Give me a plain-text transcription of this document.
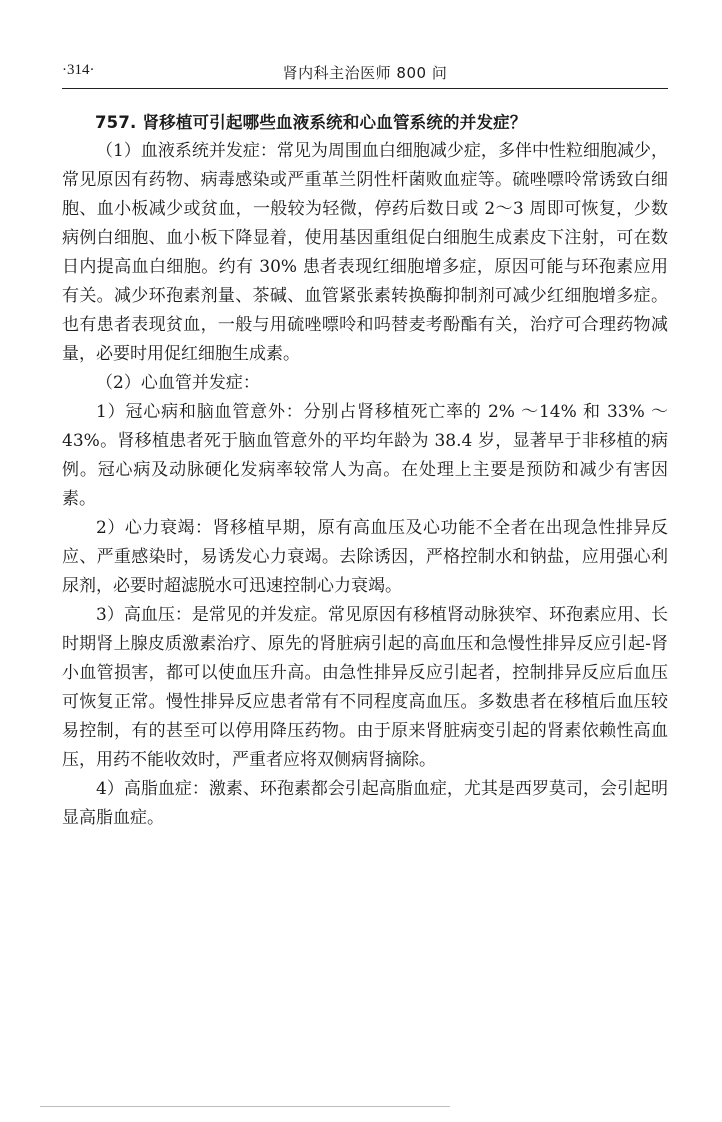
·314·	肾内科主治医师 800 问

757. 肾移植可引起哪些血液系统和心血管系统的并发症？

（1）血液系统并发症：常见为周围血白细胞减少症，多伴中性粒细胞减少，常见原因有药物、病毒感染或严重革兰阴性杆菌败血症等。硫唑嘌呤常诱致白细胞、血小板减少或贫血，一般较为轻微，停药后数日或 2～3 周即可恢复，少数病例白细胞、血小板下降显着，使用基因重组促白细胞生成素皮下注射，可在数日内提高血白细胞。约有 30% 患者表现红细胞增多症，原因可能与环孢素应用有关。减少环孢素剂量、茶碱、血管紧张素转换酶抑制剂可减少红细胞增多症。也有患者表现贫血，一般与用硫唑嘌呤和吗替麦考酚酯有关，治疗可合理药物减量，必要时用促红细胞生成素。

（2）心血管并发症：

1）冠心病和脑血管意外：分别占肾移植死亡率的 2% ～14% 和 33% ～43%。肾移植患者死于脑血管意外的平均年龄为 38.4 岁，显著早于非移植的病例。冠心病及动脉硬化发病率较常人为高。在处理上主要是预防和减少有害因素。

2）心力衰竭：肾移植早期，原有高血压及心功能不全者在出现急性排异反应、严重感染时，易诱发心力衰竭。去除诱因，严格控制水和钠盐，应用强心利尿剂，必要时超滤脱水可迅速控制心力衰竭。

3）高血压：是常见的并发症。常见原因有移植肾动脉狭窄、环孢素应用、长时期肾上腺皮质激素治疗、原先的肾脏病引起的高血压和急慢性排异反应引起-肾小血管损害，都可以使血压升高。由急性排异反应引起者，控制排异反应后血压可恢复正常。慢性排异反应患者常有不同程度高血压。多数患者在移植后血压较易控制，有的甚至可以停用降压药物。由于原来肾脏病变引起的肾素依赖性高血压，用药不能收效时，严重者应将双侧病肾摘除。

4）高脂血症：激素、环孢素都会引起高脂血症，尤其是西罗莫司，会引起明显高脂血症。
